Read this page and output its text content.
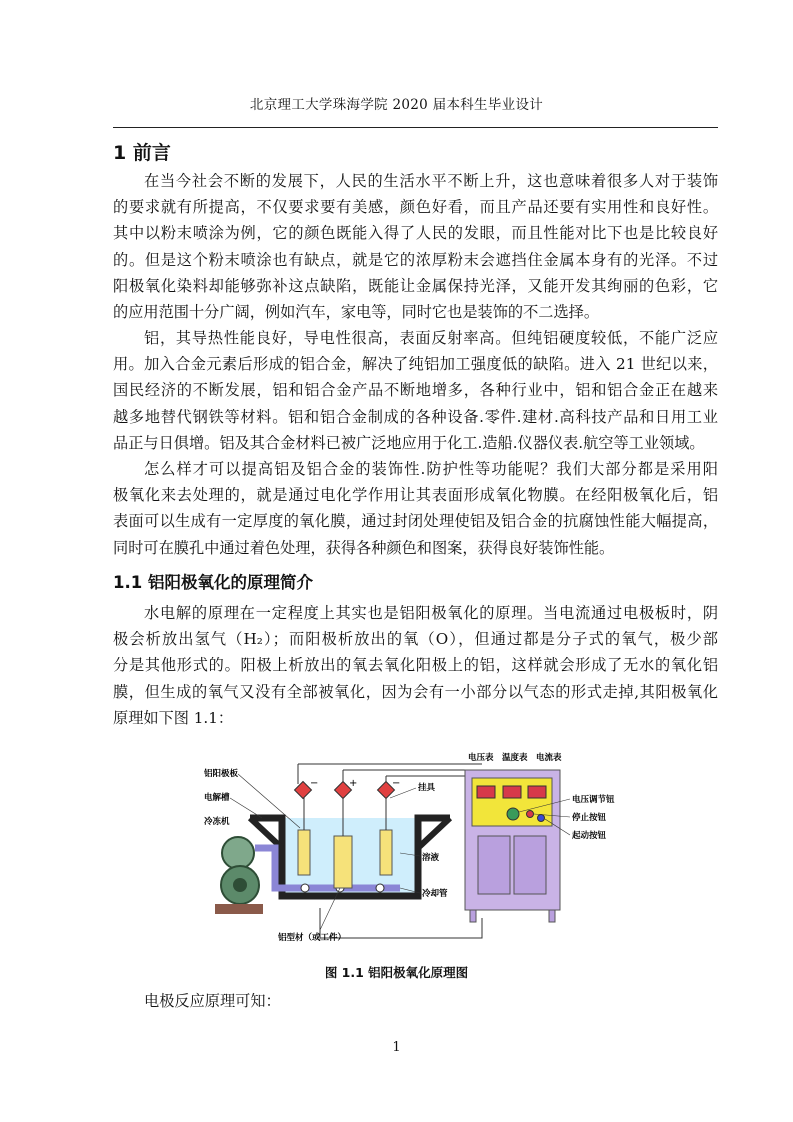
北京理工大学珠海学院 2020 届本科生毕业设计
1 前言
在当今社会不断的发展下，人民的生活水平不断上升，这也意味着很多人对于装饰
的要求就有所提高，不仅要求要有美感，颜色好看，而且产品还要有实用性和良好性。
其中以粉末喷涂为例，它的颜色既能入得了人民的发眼，而且性能对比下也是比较良好
的。但是这个粉末喷涂也有缺点，就是它的浓厚粉末会遮挡住金属本身有的光泽。不过
阳极氧化染料却能够弥补这点缺陷，既能让金属保持光泽，又能开发其绚丽的色彩，它
的应用范围十分广阔，例如汽车，家电等，同时它也是装饰的不二选择。
铝，其导热性能良好，导电性很高，表面反射率高。但纯铝硬度较低，不能广泛应
用。加入合金元素后形成的铝合金，解决了纯铝加工强度低的缺陷。进入 21 世纪以来，
国民经济的不断发展，铝和铝合金产品不断地增多，各种行业中，铝和铝合金正在越来
越多地替代钢铁等材料。铝和铝合金制成的各种设备.零件.建材.高科技产品和日用工业
品正与日俱增。铝及其合金材料已被广泛地应用于化工.造船.仪器仪表.航空等工业领域。
怎么样才可以提高铝及铝合金的装饰性.防护性等功能呢？我们大部分都是采用阳
极氧化来去处理的，就是通过电化学作用让其表面形成氧化物膜。在经阳极氧化后，铝
表面可以生成有一定厚度的氧化膜，通过封闭处理使铝及铝合金的抗腐蚀性能大幅提高，
同时可在膜孔中通过着色处理，获得各种颜色和图案，获得良好装饰性能。
1.1 铝阳极氧化的原理简介
水电解的原理在一定程度上其实也是铝阳极氧化的原理。当电流通过电极板时，阴
极会析放出氢气（H₂）；而阳极析放出的氧（O），但通过都是分子式的氧气，极少部
分是其他形式的。阳极上析放出的氧去氧化阳极上的铝，这样就会形成了无水的氧化铝
膜，但生成的氧气又没有全部被氧化，因为会有一小部分以气态的形式走掉,其阳极氧化
原理如下图 1.1：
−	+	−
铝阳极板
电解槽
冷冻机
挂具
溶液
冷却管
铝型材（或工件）
电压表 温度表 电流表
电压调节钮
停止按钮
起动按钮
图 1.1 铝阳极氧化原理图
电极反应原理可知：
1
